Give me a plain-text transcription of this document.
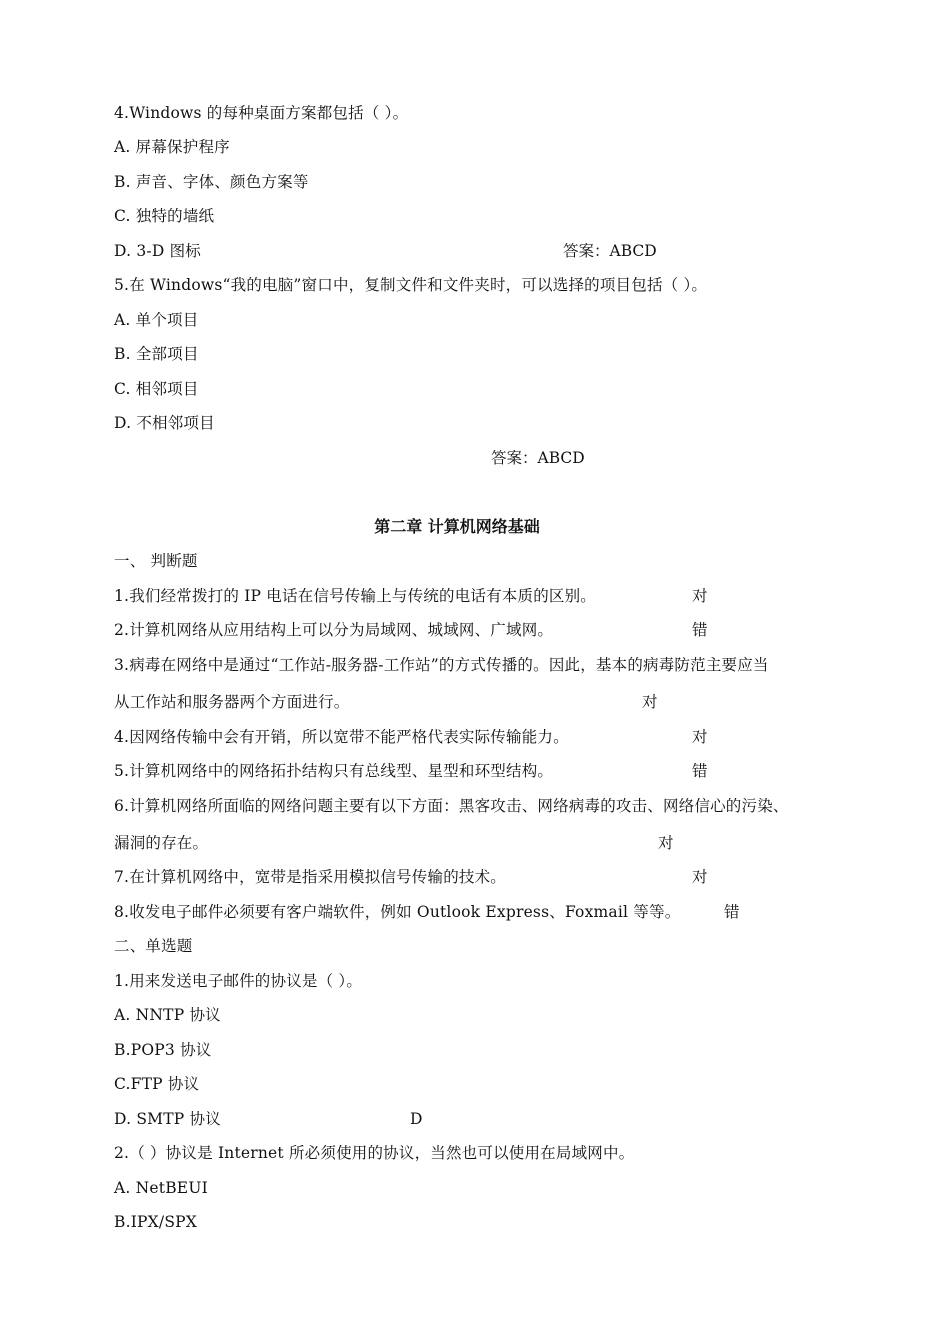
4.Windows 的每种桌面方案都包括（ ）。
A. 屏幕保护程序
B. 声音、字体、颜色方案等
C. 独特的墙纸
D. 3-D 图标	答案：ABCD
5.在 Windows“我的电脑”窗口中，复制文件和文件夹时，可以选择的项目包括（ ）。
A. 单个项目
B. 全部项目
C. 相邻项目
D. 不相邻项目
答案：ABCD
第二章 计算机网络基础
一、 判断题
1.我们经常拨打的 IP 电话在信号传输上与传统的电话有本质的区别。	对
2.计算机网络从应用结构上可以分为局域网、城域网、广域网。	错
3.病毒在网络中是通过“工作站-服务器-工作站”的方式传播的。因此，基本的病毒防范主要应当
从工作站和服务器两个方面进行。	对
4.因网络传输中会有开销，所以宽带不能严格代表实际传输能力。	对
5.计算机网络中的网络拓扑结构只有总线型、星型和环型结构。	错
6.计算机网络所面临的网络问题主要有以下方面：黑客攻击、网络病毒的攻击、网络信心的污染、
漏洞的存在。	对
7.在计算机网络中，宽带是指采用模拟信号传输的技术。	对
8.收发电子邮件必须要有客户端软件，例如 Outlook Express、Foxmail 等等。	错
二、单选题
1.用来发送电子邮件的协议是（ ）。
A. NNTP 协议
B.POP3 协议
C.FTP 协议
D. SMTP 协议	D
2.（ ）协议是 Internet 所必须使用的协议，当然也可以使用在局域网中。
A. NetBEUI
B.IPX/SPX
